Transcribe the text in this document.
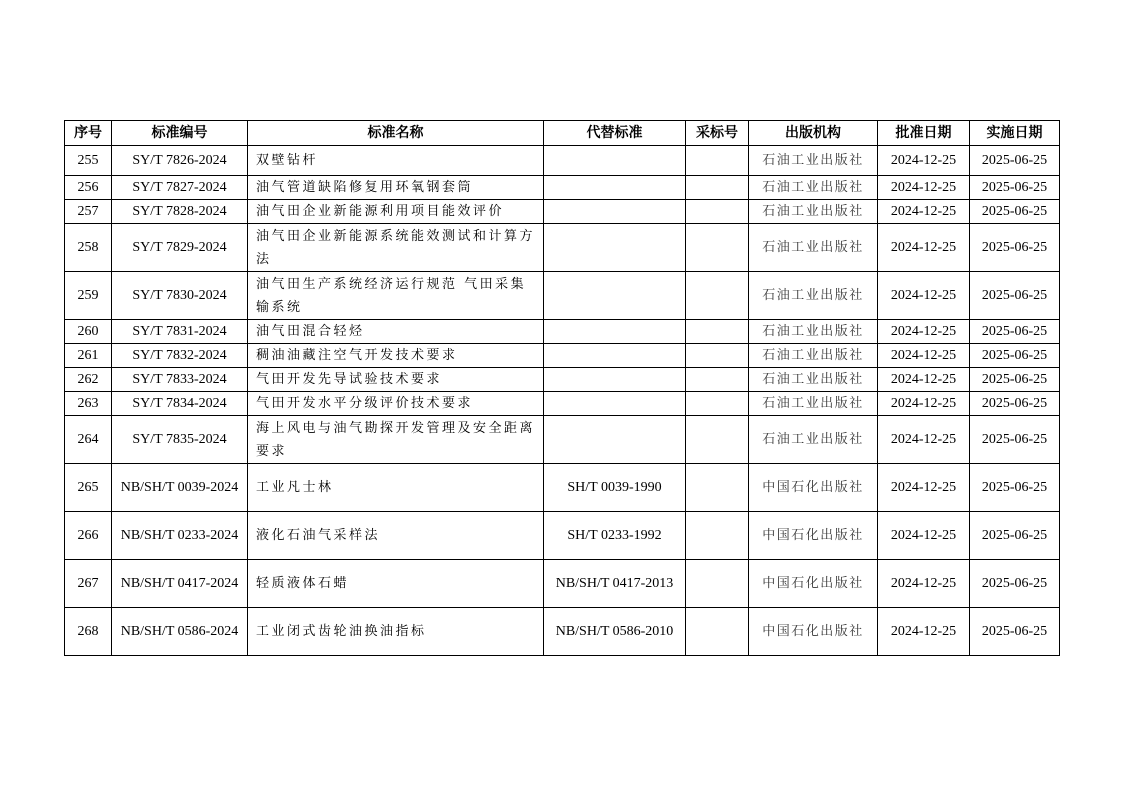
序号	标准编号	标准名称	代替标准	采标号	出版机构	批准日期	实施日期
255	SY/T 7826-2024	双壁钻杆			石油工业出版社	2024-12-25	2025-06-25
256	SY/T 7827-2024	油气管道缺陷修复用环氧钢套筒			石油工业出版社	2024-12-25	2025-06-25
257	SY/T 7828-2024	油气田企业新能源利用项目能效评价			石油工业出版社	2024-12-25	2025-06-25
258	SY/T 7829-2024	油气田企业新能源系统能效测试和计算方法			石油工业出版社	2024-12-25	2025-06-25
259	SY/T 7830-2024	油气田生产系统经济运行规范 气田采集输系统			石油工业出版社	2024-12-25	2025-06-25
260	SY/T 7831-2024	油气田混合轻烃			石油工业出版社	2024-12-25	2025-06-25
261	SY/T 7832-2024	稠油油藏注空气开发技术要求			石油工业出版社	2024-12-25	2025-06-25
262	SY/T 7833-2024	气田开发先导试验技术要求			石油工业出版社	2024-12-25	2025-06-25
263	SY/T 7834-2024	气田开发水平分级评价技术要求			石油工业出版社	2024-12-25	2025-06-25
264	SY/T 7835-2024	海上风电与油气勘探开发管理及安全距离要求			石油工业出版社	2024-12-25	2025-06-25
265	NB/SH/T 0039-2024	工业凡士林	SH/T 0039-1990		中国石化出版社	2024-12-25	2025-06-25
266	NB/SH/T 0233-2024	液化石油气采样法	SH/T 0233-1992		中国石化出版社	2024-12-25	2025-06-25
267	NB/SH/T 0417-2024	轻质液体石蜡	NB/SH/T 0417-2013		中国石化出版社	2024-12-25	2025-06-25
268	NB/SH/T 0586-2024	工业闭式齿轮油换油指标	NB/SH/T 0586-2010		中国石化出版社	2024-12-25	2025-06-25
